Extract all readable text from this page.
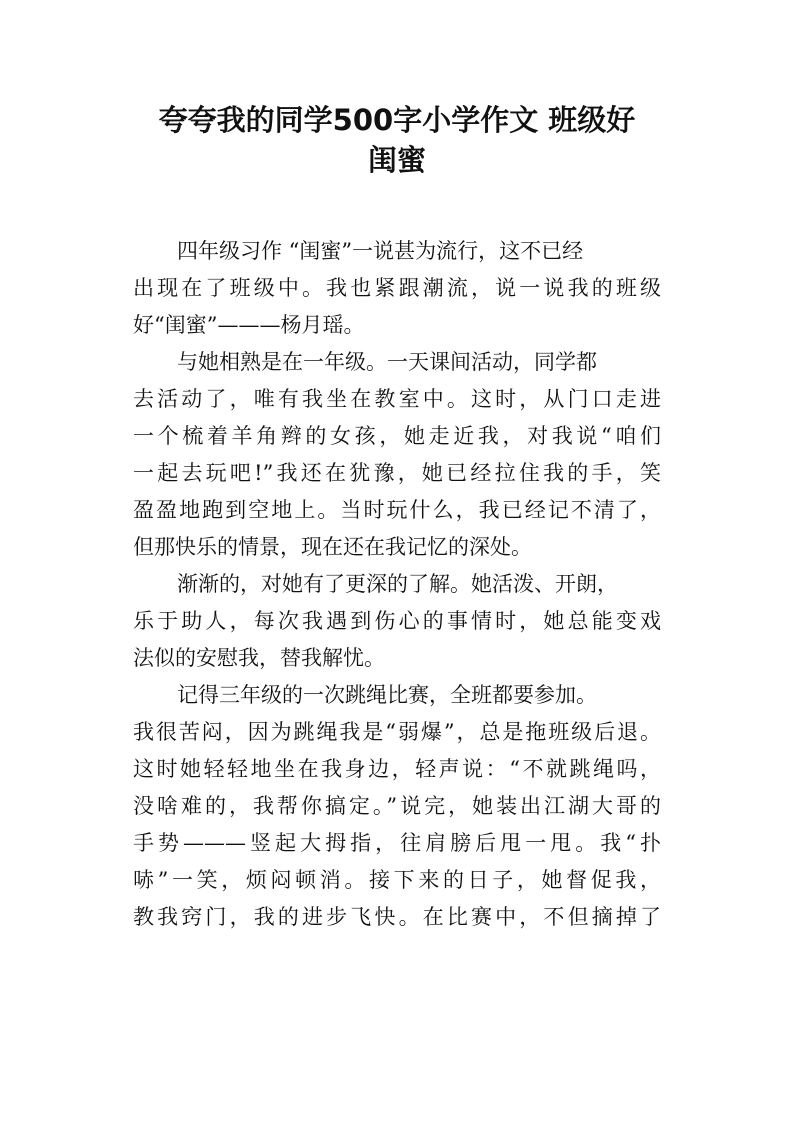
夸夸我的同学500字小学作文 班级好
闺蜜
四年级习作 “闺蜜”一说甚为流行，这不已经
出现在了班级中。我也紧跟潮流，说一说我的班级
好“闺蜜”———杨月瑶。
与她相熟是在一年级。一天课间活动，同学都
去活动了，唯有我坐在教室中。这时，从门口走进
一个梳着羊角辫的女孩，她走近我，对我说“咱们
一起去玩吧!”我还在犹豫，她已经拉住我的手，笑
盈盈地跑到空地上。当时玩什么，我已经记不清了，
但那快乐的情景，现在还在我记忆的深处。
渐渐的，对她有了更深的了解。她活泼、开朗，
乐于助人，每次我遇到伤心的事情时，她总能变戏
法似的安慰我，替我解忧。
记得三年级的一次跳绳比赛，全班都要参加。
我很苦闷，因为跳绳我是“弱爆”，总是拖班级后退。
这时她轻轻地坐在我身边，轻声说：“不就跳绳吗，
没啥难的，我帮你搞定。”说完，她装出江湖大哥的
手势———竖起大拇指，往肩膀后甩一甩。我“扑
哧”一笑，烦闷顿消。接下来的日子，她督促我，
教我窍门，我的进步飞快。在比赛中，不但摘掉了
